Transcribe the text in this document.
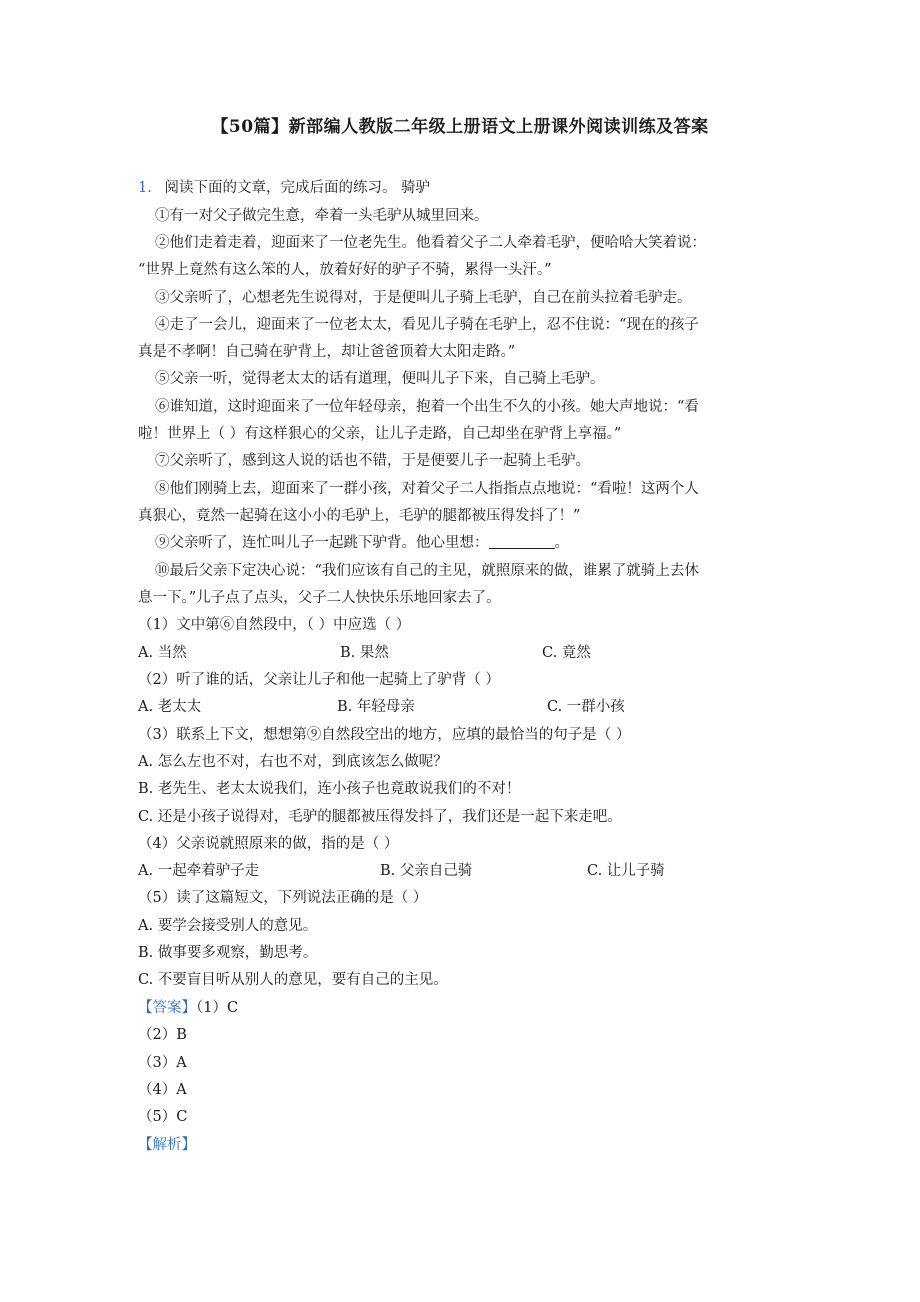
【50篇】新部编人教版二年级上册语文上册课外阅读训练及答案
1. 阅读下面的文章，完成后面的练习。 骑驴
①有一对父子做完生意，牵着一头毛驴从城里回来。
②他们走着走着，迎面来了一位老先生。他看着父子二人牵着毛驴，便哈哈大笑着说：
“世界上竟然有这么笨的人，放着好好的驴子不骑，累得一头汗。”
③父亲听了，心想老先生说得对，于是便叫儿子骑上毛驴，自己在前头拉着毛驴走。
④走了一会儿，迎面来了一位老太太，看见儿子骑在毛驴上，忍不住说：“现在的孩子
真是不孝啊！自己骑在驴背上，却让爸爸顶着大太阳走路。”
⑤父亲一听，觉得老太太的话有道理，便叫儿子下来，自己骑上毛驴。
⑥谁知道，这时迎面来了一位年轻母亲，抱着一个出生不久的小孩。她大声地说：“看
啦！世界上（ ）有这样狠心的父亲，让儿子走路，自己却坐在驴背上享福。”
⑦父亲听了，感到这人说的话也不错，于是便要儿子一起骑上毛驴。
⑧他们刚骑上去，迎面来了一群小孩，对着父子二人指指点点地说：“看啦！这两个人
真狠心，竟然一起骑在这小小的毛驴上，毛驴的腿都被压得发抖了！”
⑨父亲听了，连忙叫儿子一起跳下驴背。他心里想：	。
⑩最后父亲下定决心说：“我们应该有自己的主见，就照原来的做，谁累了就骑上去休
息一下。”儿子点了点头，父子二人快快乐乐地回家去了。
（1）文中第⑥自然段中，（ ）中应选（ ）
A. 当然	B. 果然	C. 竟然
（2）听了谁的话，父亲让儿子和他一起骑上了驴背（ ）
A. 老太太	B. 年轻母亲	C. 一群小孩
（3）联系上下文，想想第⑨自然段空出的地方，应填的最恰当的句子是（ ）
A. 怎么左也不对，右也不对，到底该怎么做呢？
B. 老先生、老太太说我们，连小孩子也竟敢说我们的不对！
C. 还是小孩子说得对，毛驴的腿都被压得发抖了，我们还是一起下来走吧。
（4）父亲说就照原来的做，指的是（ ）
A. 一起牵着驴子走	B. 父亲自己骑	C. 让儿子骑
（5）读了这篇短文，下列说法正确的是（ ）
A. 要学会接受别人的意见。
B. 做事要多观察，勤思考。
C. 不要盲目听从别人的意见，要有自己的主见。
【答案】（1）C
（2）B
（3）A
（4）A
（5）C
【解析】
